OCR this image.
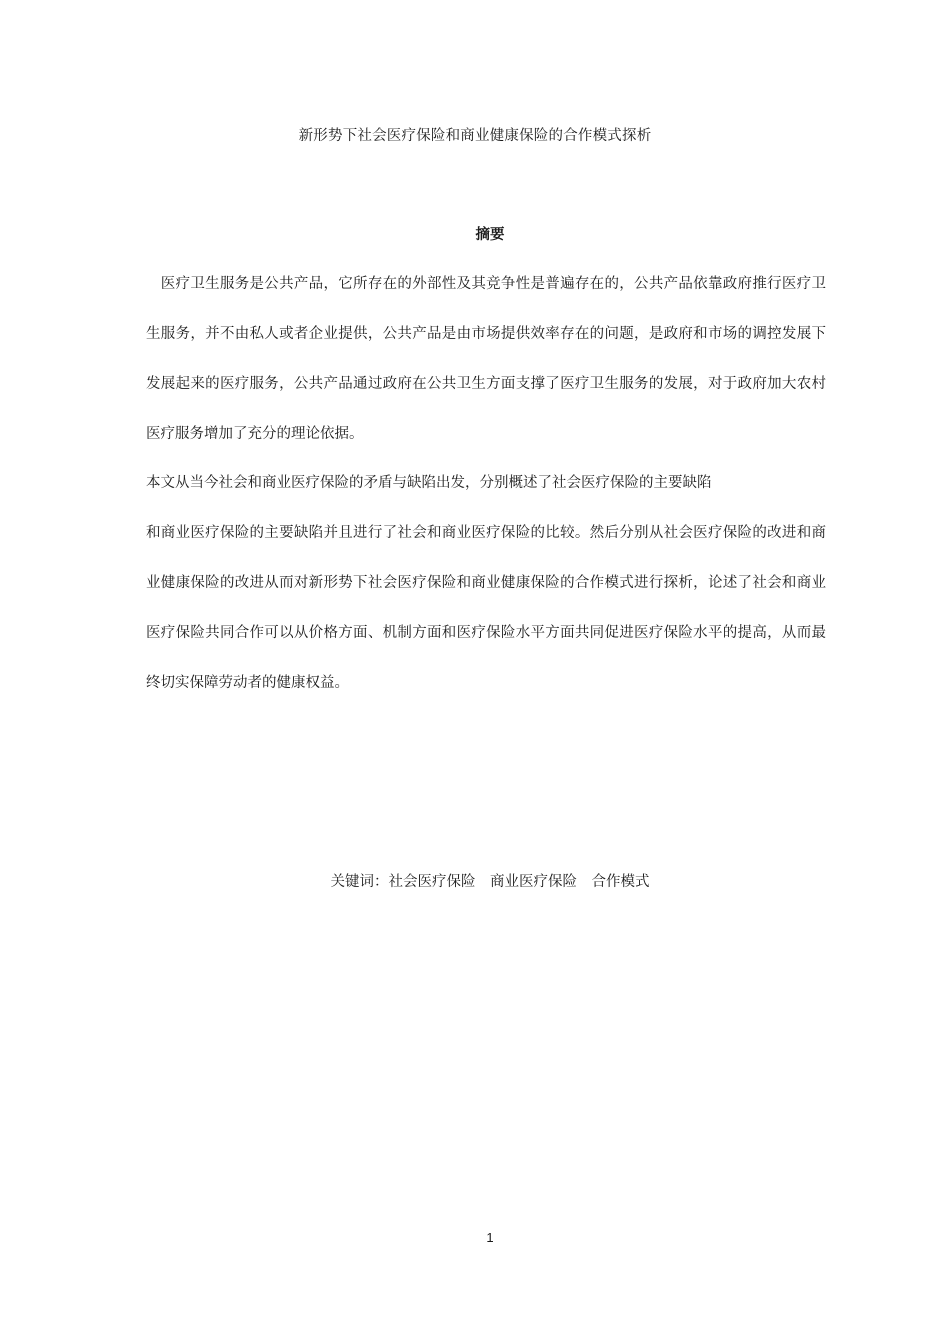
新形势下社会医疗保险和商业健康保险的合作模式探析
摘要
　医疗卫生服务是公共产品，它所存在的外部性及其竞争性是普遍存在的，公共产品依靠政府推行医疗卫
生服务，并不由私人或者企业提供，公共产品是由市场提供效率存在的问题，是政府和市场的调控发展下
发展起来的医疗服务，公共产品通过政府在公共卫生方面支撑了医疗卫生服务的发展，对于政府加大农村
医疗服务增加了充分的理论依据。
本文从当今社会和商业医疗保险的矛盾与缺陷出发，分别概述了社会医疗保险的主要缺陷
和商业医疗保险的主要缺陷并且进行了社会和商业医疗保险的比较。然后分别从社会医疗保险的改进和商
业健康保险的改进从而对新形势下社会医疗保险和商业健康保险的合作模式进行探析，论述了社会和商业
医疗保险共同合作可以从价格方面、机制方面和医疗保险水平方面共同促进医疗保险水平的提高，从而最
终切实保障劳动者的健康权益。
关键词：社会医疗保险　商业医疗保险　合作模式
1
